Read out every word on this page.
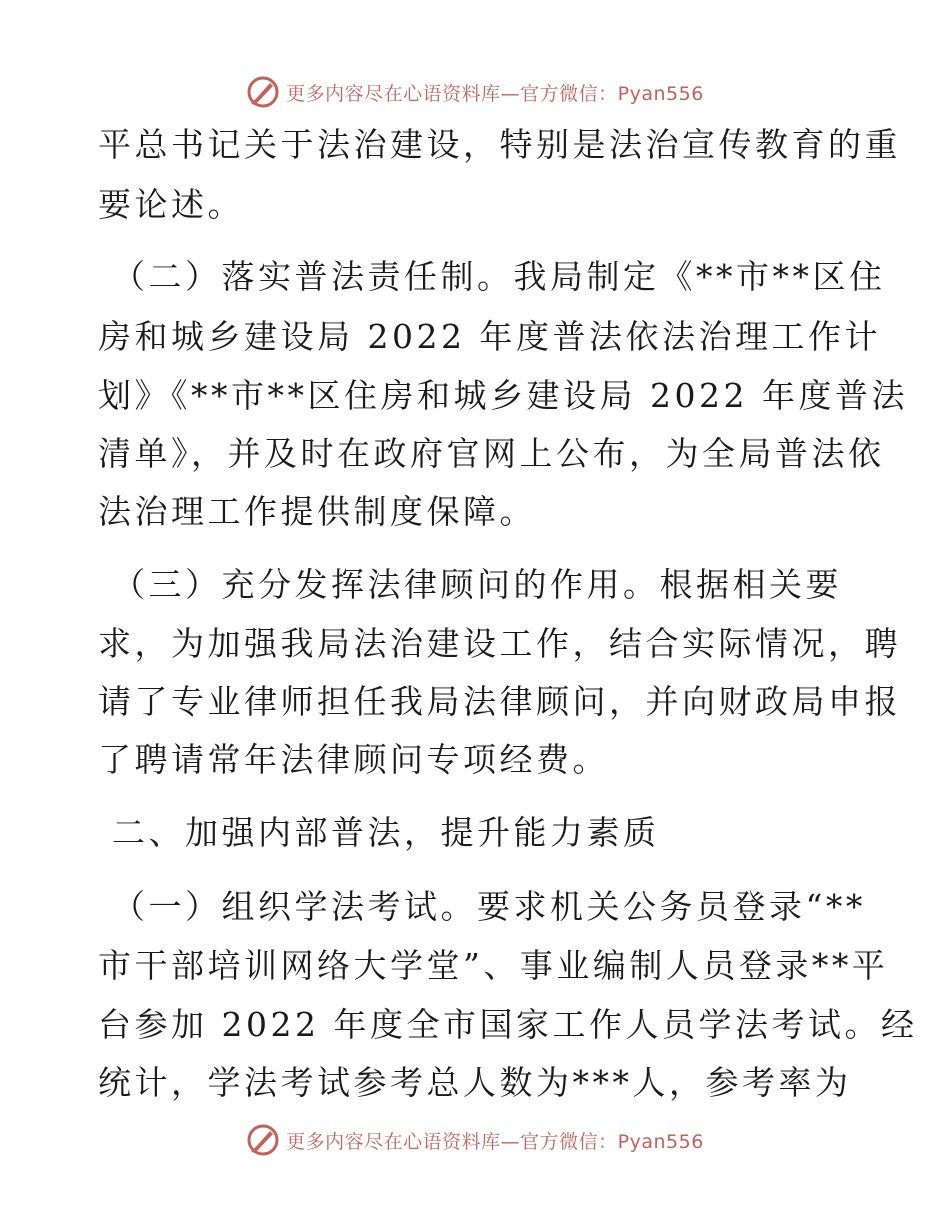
更多内容尽在心语资料库—官方微信：Pyan556
平总书记关于法治建设，特别是法治宣传教育的重
要论述。
（二）落实普法责任制。我局制定《**市**区住
房和城乡建设局 2022 年度普法依法治理工作计
划》《**市**区住房和城乡建设局 2022 年度普法
清单》，并及时在政府官网上公布，为全局普法依
法治理工作提供制度保障。
（三）充分发挥法律顾问的作用。根据相关要
求，为加强我局法治建设工作，结合实际情况，聘
请了专业律师担任我局法律顾问，并向财政局申报
了聘请常年法律顾问专项经费。
二、加强内部普法，提升能力素质
（一）组织学法考试。要求机关公务员登录“**
市干部培训网络大学堂”、事业编制人员登录**平
台参加 2022 年度全市国家工作人员学法考试。经
统计，学法考试参考总人数为***人，参考率为
更多内容尽在心语资料库—官方微信：Pyan556
